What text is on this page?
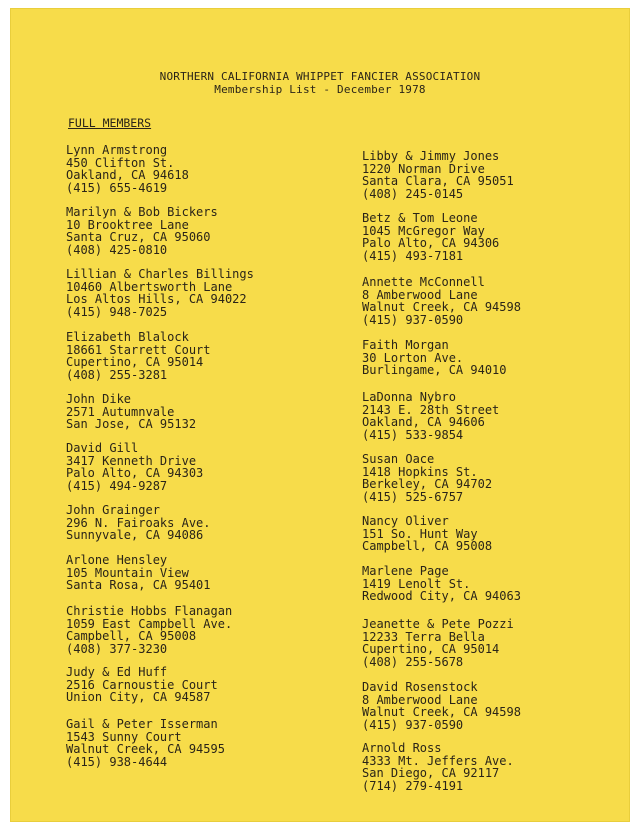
NORTHERN CALIFORNIA WHIPPET FANCIER ASSOCIATION
Membership List - December 1978
FULL MEMBERS
Lynn Armstrong
450 Clifton St.
Oakland, CA 94618
(415) 655-4619
Marilyn & Bob Bickers
10 Brooktree Lane
Santa Cruz, CA 95060
(408) 425-0810
Lillian & Charles Billings
10460 Albertsworth Lane
Los Altos Hills, CA 94022
(415) 948-7025
Elizabeth Blalock
18661 Starrett Court
Cupertino, CA 95014
(408) 255-3281
John Dike
2571 Autumnvale
San Jose, CA 95132
David Gill
3417 Kenneth Drive
Palo Alto, CA 94303
(415) 494-9287
John Grainger
296 N. Fairoaks Ave.
Sunnyvale, CA 94086
Arlone Hensley
105 Mountain View
Santa Rosa, CA 95401
Christie Hobbs Flanagan
1059 East Campbell Ave.
Campbell, CA 95008
(408) 377-3230
Judy & Ed Huff
2516 Carnoustie Court
Union City, CA 94587
Gail & Peter Isserman
1543 Sunny Court
Walnut Creek, CA 94595
(415) 938-4644
Libby & Jimmy Jones
1220 Norman Drive
Santa Clara, CA 95051
(408) 245-0145
Betz & Tom Leone
1045 McGregor Way
Palo Alto, CA 94306
(415) 493-7181
Annette McConnell
8 Amberwood Lane
Walnut Creek, CA 94598
(415) 937-0590
Faith Morgan
30 Lorton Ave.
Burlingame, CA 94010
LaDonna Nybro
2143 E. 28th Street
Oakland, CA 94606
(415) 533-9854
Susan Oace
1418 Hopkins St.
Berkeley, CA 94702
(415) 525-6757
Nancy Oliver
151 So. Hunt Way
Campbell, CA 95008
Marlene Page
1419 Lenolt St.
Redwood City, CA 94063
Jeanette & Pete Pozzi
12233 Terra Bella
Cupertino, CA 95014
(408) 255-5678
David Rosenstock
8 Amberwood Lane
Walnut Creek, CA 94598
(415) 937-0590
Arnold Ross
4333 Mt. Jeffers Ave.
San Diego, CA 92117
(714) 279-4191
